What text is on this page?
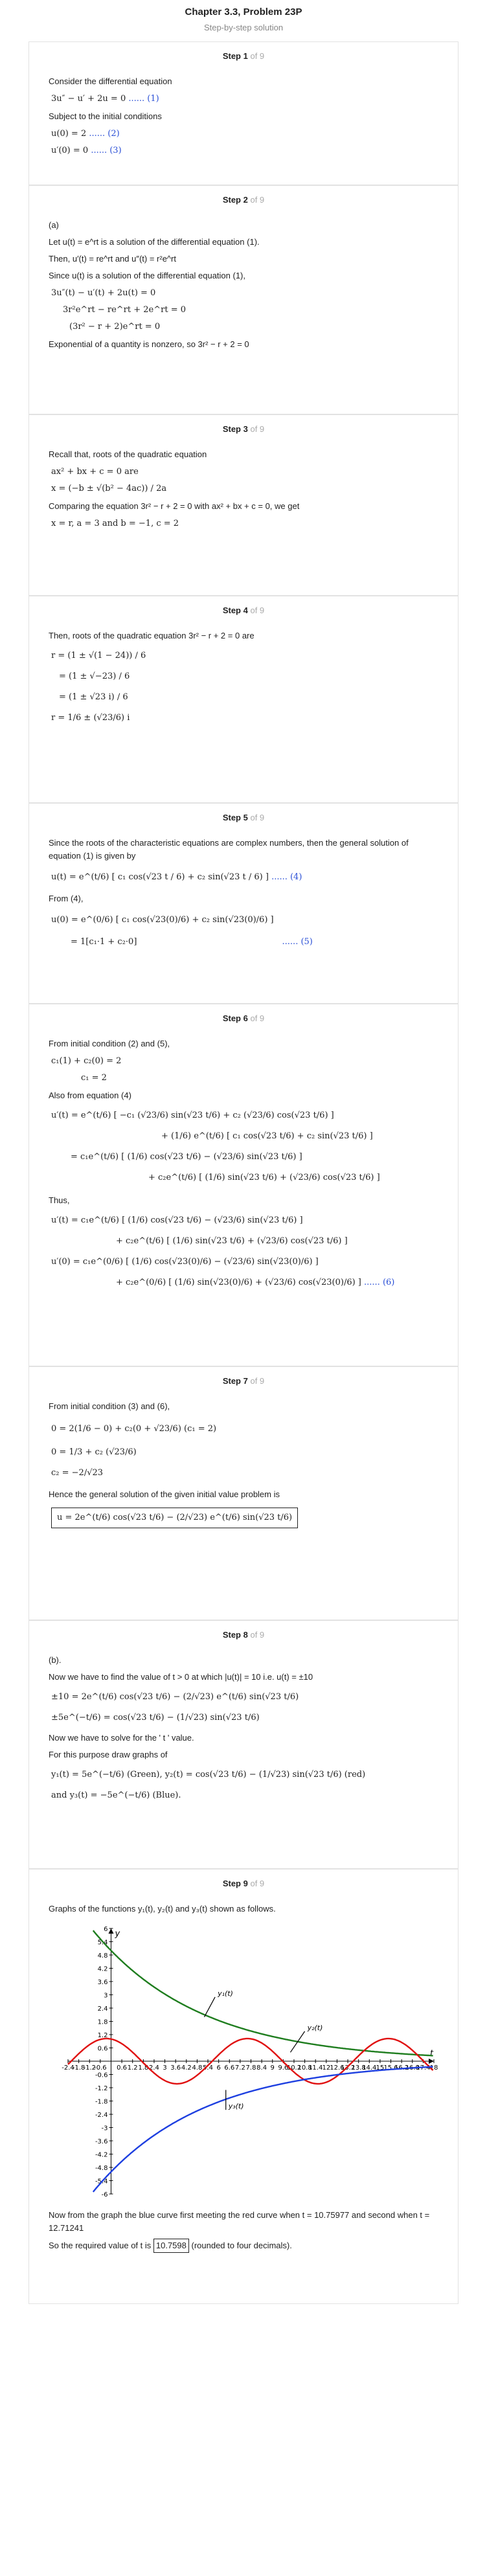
Chapter 3.3, Problem 23P
Step-by-step solution
Step 1 of 9
Consider the differential equation
3u″ − u′ + 2u = 0 ...... (1)
Subject to the initial conditions
u(0) = 2 ...... (2)
u′(0) = 0 ...... (3)
Step 2 of 9
(a)
Let u(t) = e^rt is a solution of the differential equation (1).
Then, u′(t) = re^rt and u″(t) = r²e^rt
Since u(t) is a solution of the differential equation (1),
3u″(t) − u′(t) + 2u(t) = 0
3r²e^rt − re^rt + 2e^rt = 0
(3r² − r + 2)e^rt = 0
Exponential of a quantity is nonzero, so 3r² − r + 2 = 0
Step 3 of 9
Recall that, roots of the quadratic equation
ax² + bx + c = 0 are
x = (−b ± √(b² − 4ac)) / 2a
Comparing the equation 3r² − r + 2 = 0 with ax² + bx + c = 0, we get
x = r, a = 3 and b = −1, c = 2
Step 4 of 9
Then, roots of the quadratic equation 3r² − r + 2 = 0 are
r = (1 ± √(1 − 24)) / 6
= (1 ± √−23) / 6
= (1 ± √23 i) / 6
r = 1/6 ± (√23/6) i
Step 5 of 9
Since the roots of the characteristic equations are complex numbers, then the general solution of equation (1) is given by
u(t) = e^(t/6) [ c₁ cos(√23 t / 6) + c₂ sin(√23 t / 6) ] ...... (4)
From (4),
u(0) = e^(0/6) [ c₁ cos(√23(0)/6) + c₂ sin(√23(0)/6) ]
= 1[c₁·1 + c₂·0]	...... (5)
Step 6 of 9
From initial condition (2) and (5),
c₁(1) + c₂(0) = 2
c₁ = 2
Also from equation (4)
u′(t) = e^(t/6) [ −c₁ (√23/6) sin(√23 t/6) + c₂ (√23/6) cos(√23 t/6) ]
+ (1/6) e^(t/6) [ c₁ cos(√23 t/6) + c₂ sin(√23 t/6) ]
= c₁e^(t/6) [ (1/6) cos(√23 t/6) − (√23/6) sin(√23 t/6) ]
+ c₂e^(t/6) [ (1/6) sin(√23 t/6) + (√23/6) cos(√23 t/6) ]
Thus,
u′(t) = c₁e^(t/6) [ (1/6) cos(√23 t/6) − (√23/6) sin(√23 t/6) ]
+ c₂e^(t/6) [ (1/6) sin(√23 t/6) + (√23/6) cos(√23 t/6) ]
u′(0) = c₁e^(0/6) [ (1/6) cos(√23(0)/6) − (√23/6) sin(√23(0)/6) ]
+ c₂e^(0/6) [ (1/6) sin(√23(0)/6) + (√23/6) cos(√23(0)/6) ] ...... (6)
Step 7 of 9
From initial condition (3) and (6),
0 = 2(1/6 − 0) + c₂(0 + √23/6) (c₁ = 2)
0 = 1/3 + c₂ (√23/6)
c₂ = −2/√23
Hence the general solution of the given initial value problem is
u = 2e^(t/6) cos(√23 t/6) − (2/√23) e^(t/6) sin(√23 t/6)
Step 8 of 9
(b).
Now we have to find the value of t > 0 at which |u(t)| = 10 i.e. u(t) = ±10
±10 = 2e^(t/6) cos(√23 t/6) − (2/√23) e^(t/6) sin(√23 t/6)
±5e^(−t/6) = cos(√23 t/6) − (1/√23) sin(√23 t/6)
Now we have to solve for the ' t ' value.
For this purpose draw graphs of
y₁(t) = 5e^(−t/6) (Green), y₂(t) = cos(√23 t/6) − (1/√23) sin(√23 t/6) (red)
and y₃(t) = −5e^(−t/6) (Blue).
Step 9 of 9
Graphs of the functions y₁(t), y₂(t) and y₃(t) shown as follows.
-2.4
-1.8
-1.2
-0.6 0.6 1.2 1.8 2.4 3 3.6 4.2 4.8 5.4 6 6.6 7.2 7.8 8.4 9 9.6
10.2
10.8
11.4 12 12.6
13.2
13.8
14.4 15 15.6
16.2
16.8
17.4 18
6
5.4
4.8
4.2
3.6
3
2.4
1.8
1.2
0.6
-0.6
-1.2
-1.8
-2.4
-3
-3.6
-4.2
-4.8
-5.4
-6
t
y
y₁(t)
y₂(t)
y₃(t)
Now from the graph the blue curve first meeting the red curve when t = 10.75977 and second when t = 12.71241
So the required value of t is 10.7598 (rounded to four decimals).
